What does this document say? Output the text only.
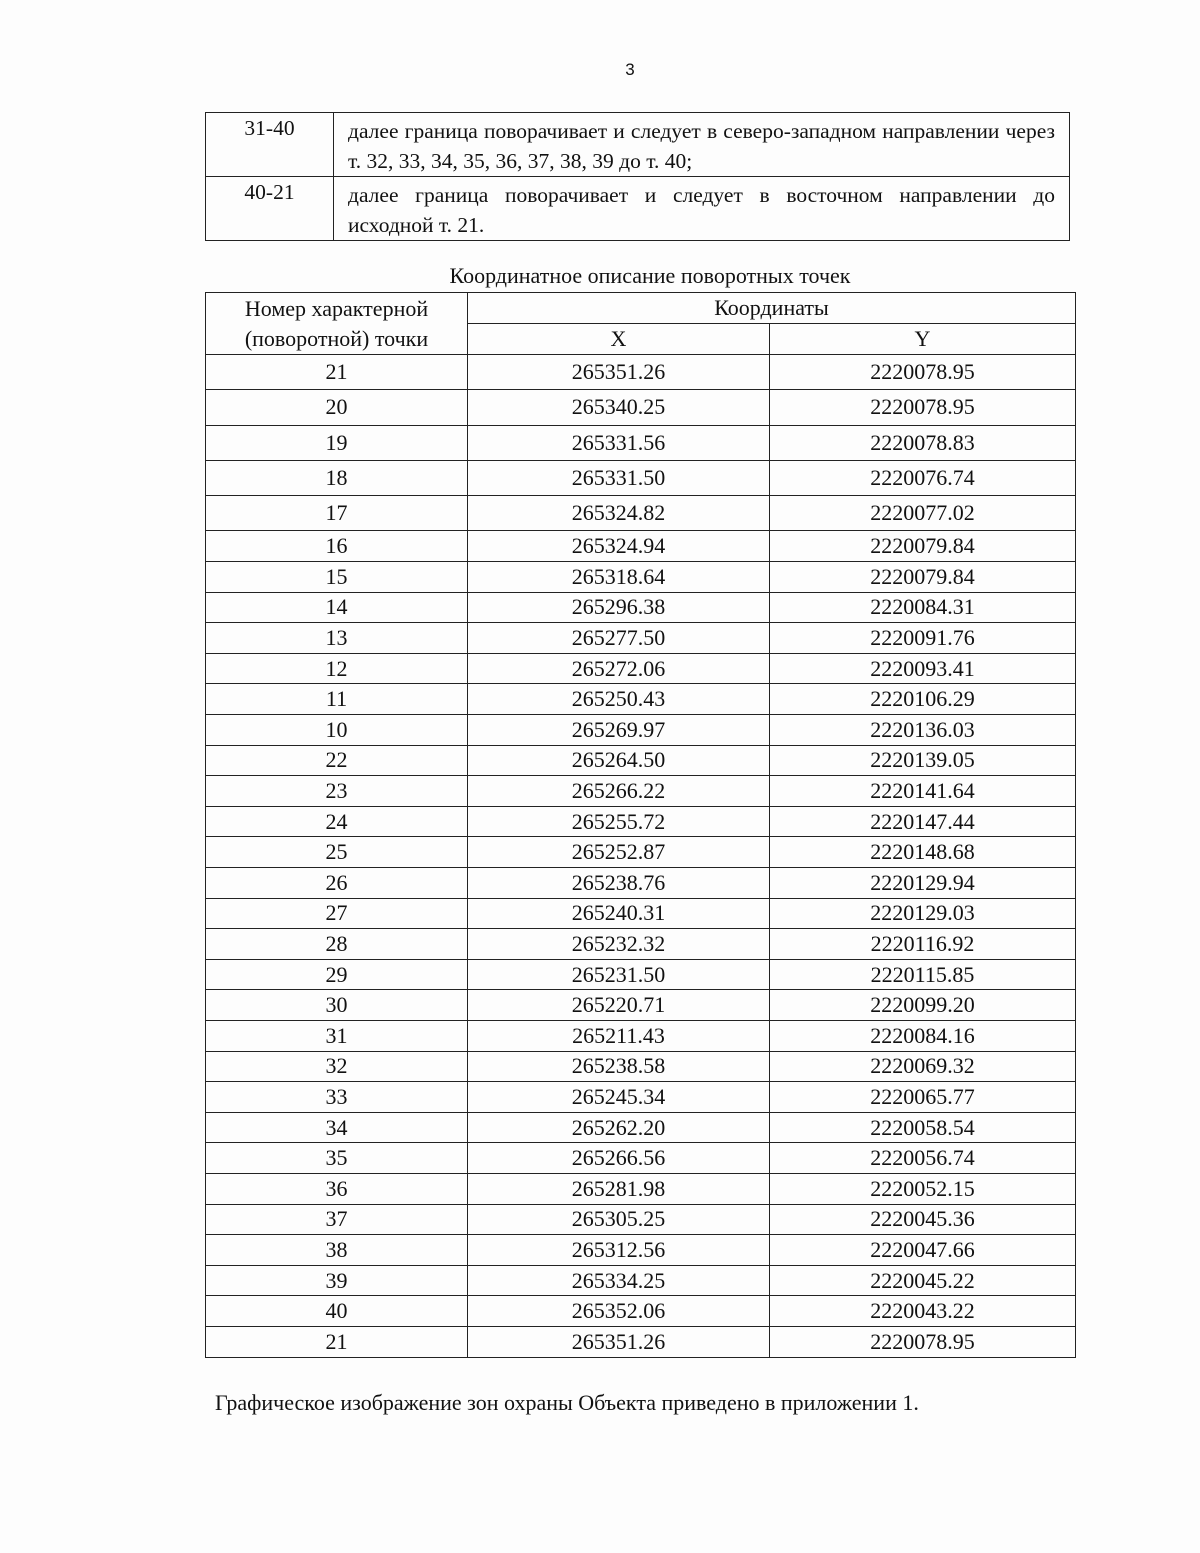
3
31-40	далее граница поворачивает и следует в северо-западном направлении через т. 32, 33, 34, 35, 36, 37, 38, 39 до т. 40;
40-21	далее граница поворачивает и следует в восточном направлении до исходной т. 21.
Координатное описание поворотных точек
Номер характерной (поворотной) точки	Координаты	
	X	Y
21	265351.26	2220078.95
20	265340.25	2220078.95
19	265331.56	2220078.83
18	265331.50	2220076.74
17	265324.82	2220077.02
16	265324.94	2220079.84
15	265318.64	2220079.84
14	265296.38	2220084.31
13	265277.50	2220091.76
12	265272.06	2220093.41
11	265250.43	2220106.29
10	265269.97	2220136.03
22	265264.50	2220139.05
23	265266.22	2220141.64
24	265255.72	2220147.44
25	265252.87	2220148.68
26	265238.76	2220129.94
27	265240.31	2220129.03
28	265232.32	2220116.92
29	265231.50	2220115.85
30	265220.71	2220099.20
31	265211.43	2220084.16
32	265238.58	2220069.32
33	265245.34	2220065.77
34	265262.20	2220058.54
35	265266.56	2220056.74
36	265281.98	2220052.15
37	265305.25	2220045.36
38	265312.56	2220047.66
39	265334.25	2220045.22
40	265352.06	2220043.22
21	265351.26	2220078.95
Графическое изображение зон охраны Объекта приведено в приложении 1.
